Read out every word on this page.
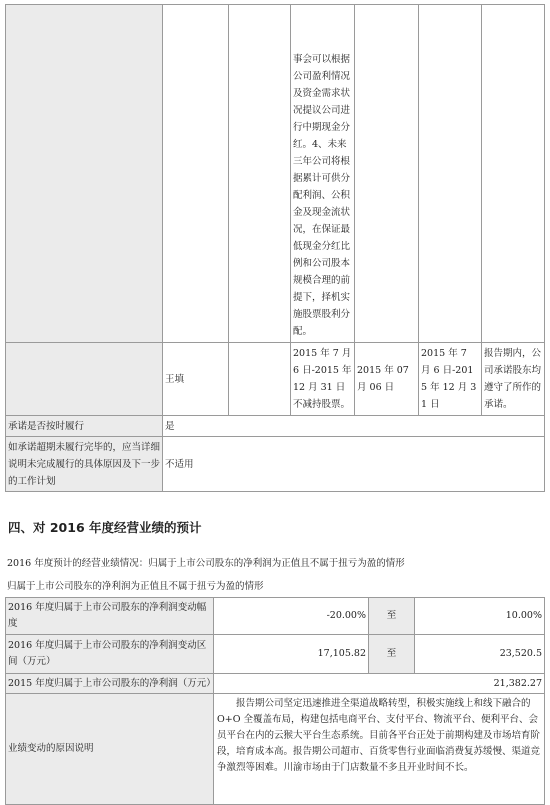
			事会可以根据公司盈利情况及资金需求状况提议公司进行中期现金分红。4、未来三年公司将根据累计可供分配利润、公积金及现金流状况，在保证最低现金分红比例和公司股本规模合理的前提下，择机实施股票股利分配。			
	王填		2015 年 7 月 6 日-2015 年 12 月 31 日不减持股票。	2015 年 07 月 06 日	2015 年 7 月 6 日-2015 年 12 月 31 日	报告期内，公司承诺股东均遵守了所作的承诺。
承诺是否按时履行	是					
如承诺超期未履行完毕的，应当详细说明未完成履行的具体原因及下一步的工作计划	不适用					
四、对 2016 年度经营业绩的预计
2016 年度预计的经营业绩情况：归属于上市公司股东的净利润为正值且不属于扭亏为盈的情形
归属于上市公司股东的净利润为正值且不属于扭亏为盈的情形
2016 年度归属于上市公司股东的净利润变动幅度	-20.00%	至	10.00%
2016 年度归属于上市公司股东的净利润变动区间（万元）	17,105.82	至	23,520.5
2015 年度归属于上市公司股东的净利润（万元）	21,382.27		
业绩变动的原因说明	报告期公司坚定迅速推进全渠道战略转型，积极实施线上和线下融合的 O+O 全覆盖布局，构建包括电商平台、支付平台、物流平台、便利平台、会员平台在内的云猴大平台生态系统。目前各平台正处于前期构建及市场培育阶段，培育成本高。报告期公司超市、百货零售行业面临消费复苏缓慢、渠道竞争激烈等困难。川渝市场由于门店数量不多且开业时间不长。		
